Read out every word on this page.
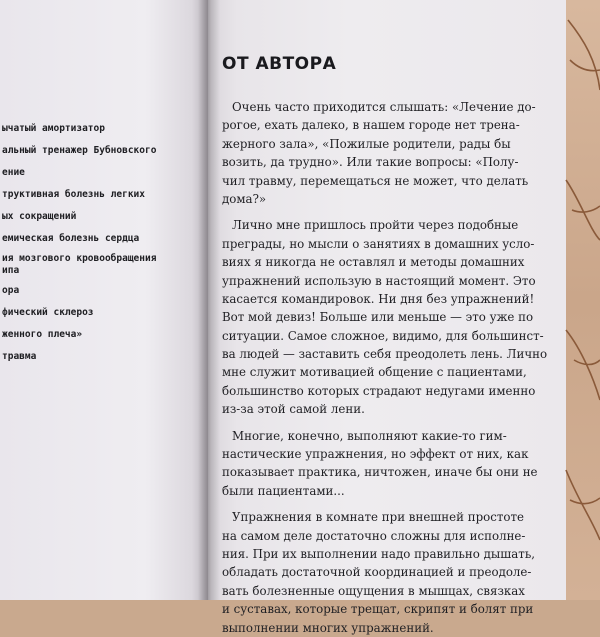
ычатый амортизатор
альный тренажер Бубновского
ение
труктивная болезнь легких
ых сокращений
емическая болезнь сердца
ия мозгового кровообращения
ипа
ора
фический склероз
женного плеча»
травма
ОТ АВТОРА
Очень часто приходится слышать: «Лечение до-
рогое, ехать далеко, в нашем городе нет трена-
жерного зала», «Пожилые родители, рады бы
возить, да трудно». Или такие вопросы: «Полу-
чил травму, перемещаться не может, что делать
дома?»
Лично мне пришлось пройти через подобные
преграды, но мысли о занятиях в домашних усло-
виях я никогда не оставлял и методы домашних
упражнений использую в настоящий момент. Это
касается командировок. Ни дня без упражнений!
Вот мой девиз! Больше или меньше — это уже по
ситуации. Самое сложное, видимо, для большинст-
ва людей — заставить себя преодолеть лень. Лично
мне служит мотивацией общение с пациентами,
большинство которых страдают недугами именно
из-за этой самой лени.
Многие, конечно, выполняют какие-то гим-
настические упражнения, но эффект от них, как
показывает практика, ничтожен, иначе бы они не
были пациентами...
Упражнения в комнате при внешней простоте
на самом деле достаточно сложны для исполне-
ния. При их выполнении надо правильно дышать,
обладать достаточной координацией и преодоле-
вать болезненные ощущения в мышцах, связках
и суставах, которые трещат, скрипят и болят при
выполнении многих упражнений.
